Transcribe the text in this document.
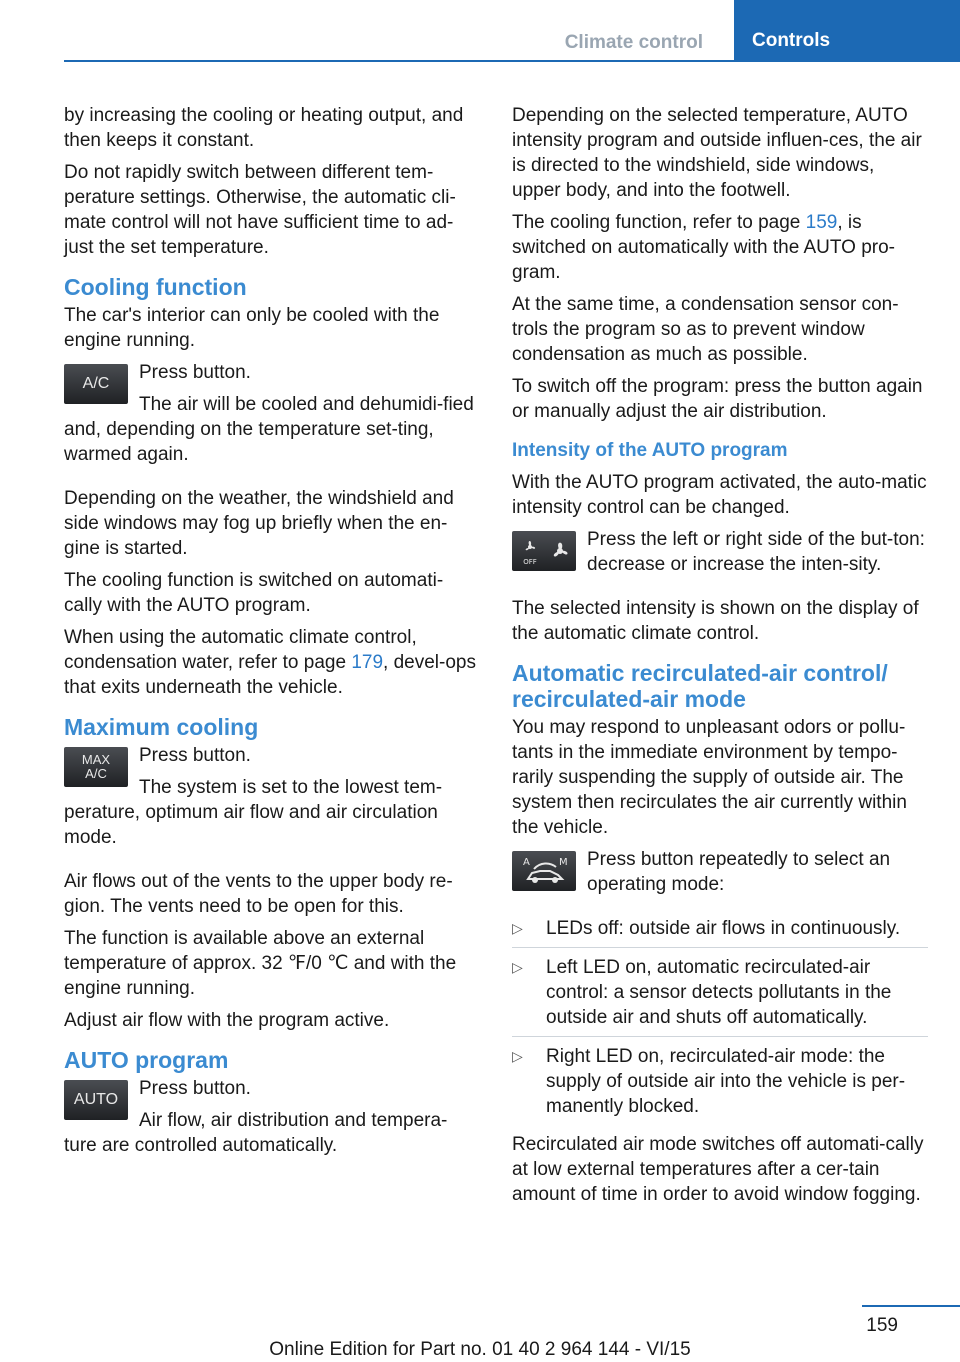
Climate control	Controls

by increasing the cooling or heating output, and then keeps it constant.

Do not rapidly switch between different tem-perature settings. Otherwise, the automatic cli-mate control will not have sufficient time to ad-just the set temperature.

Cooling function

The car's interior can only be cooled with the engine running.

A/C

Press button.

The air will be cooled and dehumidi-fied and, depending on the temperature set-ting, warmed again.

Depending on the weather, the windshield and side windows may fog up briefly when the en-gine is started.

The cooling function is switched on automati-cally with the AUTO program.

When using the automatic climate control, condensation water, refer to page 179, devel-ops that exits underneath the vehicle.

Maximum cooling
MAX
A/C

Press button.

The system is set to the lowest tem-perature, optimum air flow and air circulation mode.

Air flows out of the vents to the upper body re-gion. The vents need to be open for this.

The function is available above an external temperature of approx. 32 ℉/0 ℃ and with the engine running.

Adjust air flow with the program active.

AUTO program
AUTO

Press button.

Air flow, air distribution and tempera-ture are controlled automatically.

Depending on the selected temperature, AUTO intensity program and outside influen-ces, the air is directed to the windshield, side windows, upper body, and into the footwell.

The cooling function, refer to page 159, is switched on automatically with the AUTO pro-gram.

At the same time, a condensation sensor con-trols the program so as to prevent window condensation as much as possible.

To switch off the program: press the button again or manually adjust the air distribution.

Intensity of the AUTO program

With the AUTO program activated, the auto-matic intensity control can be changed.

OFF

Press the left or right side of the but-ton: decrease or increase the inten-sity.

The selected intensity is shown on the display of the automatic climate control.

Automatic recirculated-air control/ recirculated-air mode

You may respond to unpleasant odors or pollu-tants in the immediate environment by tempo-rarily suspending the supply of outside air. The system then recirculates the air currently within the vehicle.

A	M	Press button repeatedly to select an operating mode:

▷ LEDs off: outside air flows in continuously.
▷ Left LED on, automatic recirculated-air control: a sensor detects pollutants in the outside air and shuts off automatically.
▷ Right LED on, recirculated-air mode: the supply of outside air into the vehicle is per-manently blocked.

Recirculated air mode switches off automati-cally at low external temperatures after a cer-tain amount of time in order to avoid window fogging.

159
Online Edition for Part no. 01 40 2 964 144 - VI/15
